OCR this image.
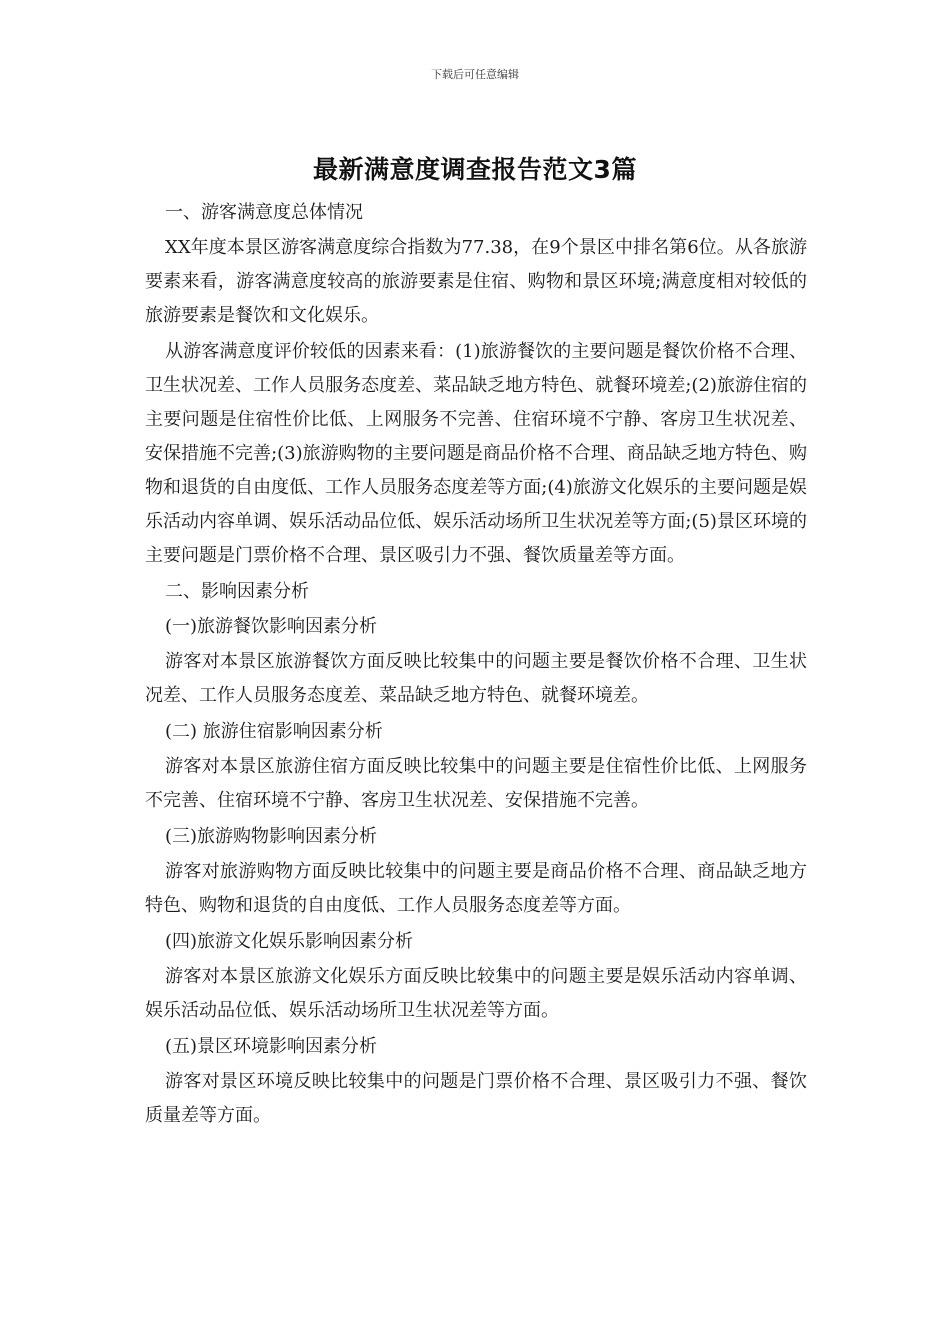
下载后可任意编辑
最新满意度调查报告范文3篇

一、游客满意度总体情况

XX年度本景区游客满意度综合指数为77.38，在9个景区中排名第6位。从各旅游要素来看，游客满意度较高的旅游要素是住宿、购物和景区环境;满意度相对较低的旅游要素是餐饮和文化娱乐。

从游客满意度评价较低的因素来看：(1)旅游餐饮的主要问题是餐饮价格不合理、卫生状况差、工作人员服务态度差、菜品缺乏地方特色、就餐环境差;(2)旅游住宿的主要问题是住宿性价比低、上网服务不完善、住宿环境不宁静、客房卫生状况差、安保措施不完善;(3)旅游购物的主要问题是商品价格不合理、商品缺乏地方特色、购物和退货的自由度低、工作人员服务态度差等方面;(4)旅游文化娱乐的主要问题是娱乐活动内容单调、娱乐活动品位低、娱乐活动场所卫生状况差等方面;(5)景区环境的主要问题是门票价格不合理、景区吸引力不强、餐饮质量差等方面。

二、影响因素分析

(一)旅游餐饮影响因素分析

游客对本景区旅游餐饮方面反映比较集中的问题主要是餐饮价格不合理、卫生状况差、工作人员服务态度差、菜品缺乏地方特色、就餐环境差。

(二) 旅游住宿影响因素分析

游客对本景区旅游住宿方面反映比较集中的问题主要是住宿性价比低、上网服务不完善、住宿环境不宁静、客房卫生状况差、安保措施不完善。

(三)旅游购物影响因素分析

游客对旅游购物方面反映比较集中的问题主要是商品价格不合理、商品缺乏地方特色、购物和退货的自由度低、工作人员服务态度差等方面。

(四)旅游文化娱乐影响因素分析

游客对本景区旅游文化娱乐方面反映比较集中的问题主要是娱乐活动内容单调、娱乐活动品位低、娱乐活动场所卫生状况差等方面。

(五)景区环境影响因素分析

游客对景区环境反映比较集中的问题是门票价格不合理、景区吸引力不强、餐饮质量差等方面。
